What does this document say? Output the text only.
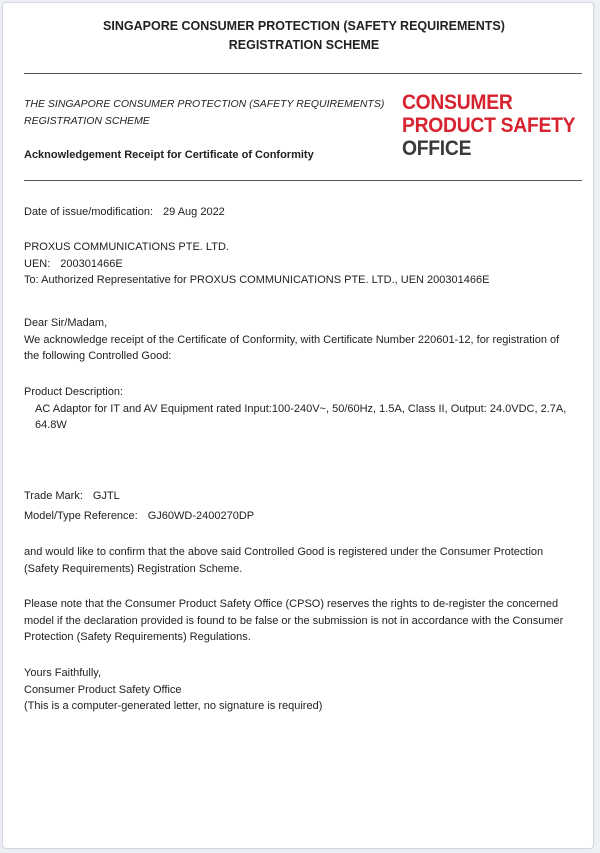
SINGAPORE CONSUMER PROTECTION (SAFETY REQUIREMENTS)
REGISTRATION SCHEME
THE SINGAPORE CONSUMER PROTECTION (SAFETY REQUIREMENTS)
REGISTRATION SCHEME
Acknowledgement Receipt for Certificate of Conformity
CONSUMER
PRODUCT SAFETY
OFFICE
Date of issue/modification: 29 Aug 2022
PROXUS COMMUNICATIONS PTE. LTD.
UEN: 200301466E
To: Authorized Representative for PROXUS COMMUNICATIONS PTE. LTD., UEN 200301466E
Dear Sir/Madam,
We acknowledge receipt of the Certificate of Conformity, with Certificate Number 220601-12, for registration of
the following Controlled Good:
Product Description:
AC Adaptor for IT and AV Equipment rated Input:100-240V~, 50/60Hz, 1.5A, Class II, Output: 24.0VDC, 2.7A,
64.8W
Trade Mark: GJTL
Model/Type Reference: GJ60WD-2400270DP
and would like to confirm that the above said Controlled Good is registered under the Consumer Protection
(Safety Requirements) Registration Scheme.
Please note that the Consumer Product Safety Office (CPSO) reserves the rights to de-register the concerned
model if the declaration provided is found to be false or the submission is not in accordance with the Consumer
Protection (Safety Requirements) Regulations.
Yours Faithfully,
Consumer Product Safety Office
(This is a computer-generated letter, no signature is required)
